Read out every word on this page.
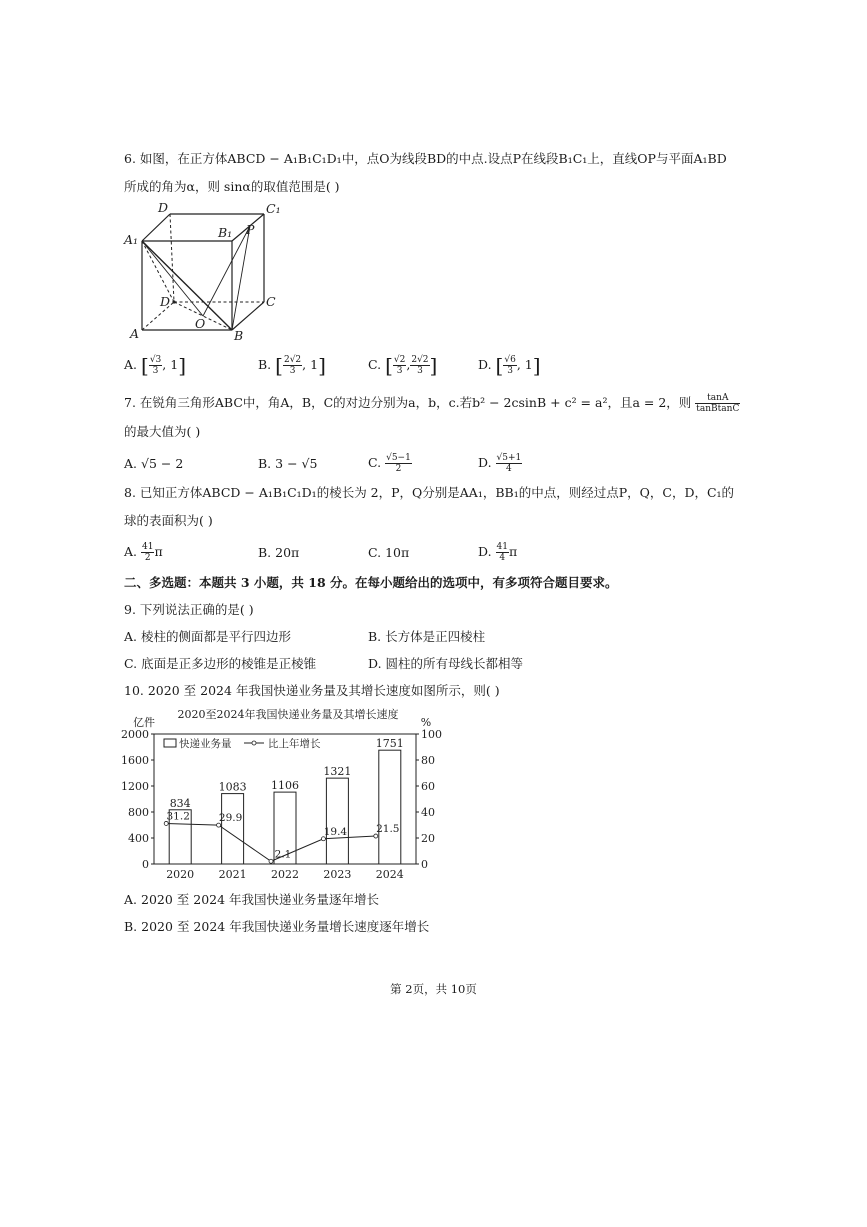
6. 如图，在正方体ABCD − A₁B₁C₁D₁中，点O为线段BD的中点.设点P在线段B₁C₁上，直线OP与平面A₁BD
所成的角为α，则 sinα的取值范围是( )
D	C₁
A₁	B₁ P
D	C
A
O
B
A. [ $\frac{√3}{3}$ , 1]	B. [ $\frac{2√2}{3}$ , 1]	C. [ $\frac{√2}{3}$ , $\frac{2√2}{3}$ ]	D. [ $\frac{√6}{3}$ , 1]
7. 在锐角三角形ABC中，角A，B，C的对边分别为a，b，c.若b² − 2csinB + c² = a²，且a = 2，则 $\frac{\tan A}{\text{tanBtanC}}$
的最大值为( )
A. √5 − 2	B. 3 − √5	C. $\frac{√5-1}{2}$	D. $\frac{√5+1}{4}$
8. 已知正方体ABCD − A₁B₁C₁D₁的棱长为 2，P，Q分别是AA₁，BB₁的中点，则经过点P，Q，C，D，C₁的
球的表面积为( )
A. $\frac{41}{2}$ π	B. 20π	C. 10π	D. $\frac{41}{4}$ π
二、多选题：本题共 3 小题，共 18 分。在每小题给出的选项中，有多项符合题目要求。
9. 下列说法正确的是( )
A. 棱柱的侧面都是平行四边形	B. 长方体是正四棱柱
C. 底面是正多边形的棱锥是正棱锥	D. 圆柱的所有母线长都相等
10. 2020 至 2024 年我国快递业务量及其增长速度如图所示，则( )
2020至2024年我国快递业务量及其增长速度
亿件	%
快递业务量	比上年增长
0
400
800
1200
1600
2000
0
20
40
60
80
100
834
1083 1106
1321
1751
2020 2021 2022 2023 2024
31.2	29.9
2.1
19.4	21.5
A. 2020 至 2024 年我国快递业务量逐年增长
B. 2020 至 2024 年我国快递业务量增长速度逐年增长
第 2页，共 10页
